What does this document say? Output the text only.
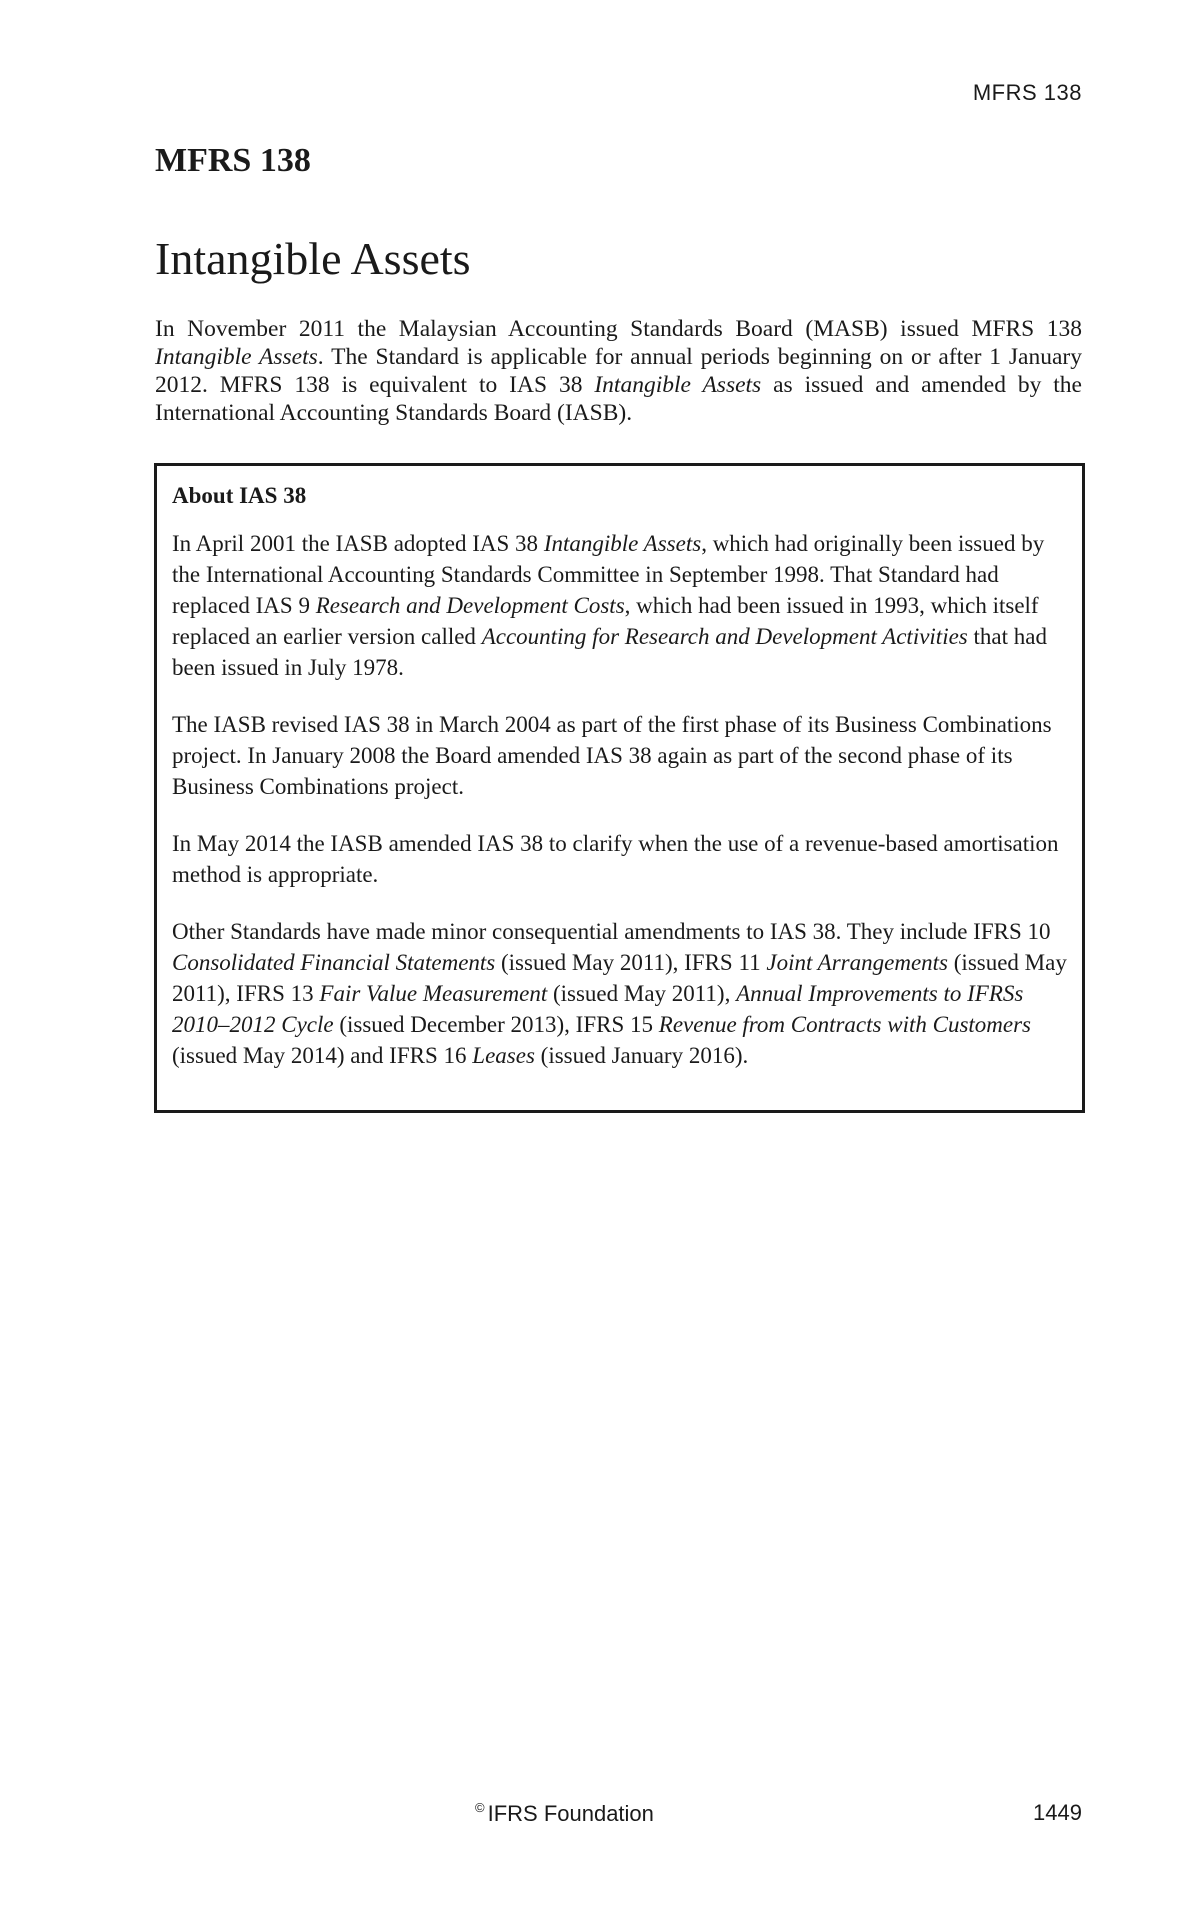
MFRS 138
MFRS 138
Intangible Assets

In November 2011 the Malaysian Accounting Standards Board (MASB) issued MFRS 138 Intangible Assets. The Standard is applicable for annual periods beginning on or after 1 January 2012. MFRS 138 is equivalent to IAS 38 Intangible Assets as issued and amended by the International Accounting Standards Board (IASB).

About IAS 38

In April 2001 the IASB adopted IAS 38 Intangible Assets, which had originally been issued by the International Accounting Standards Committee in September 1998. That Standard had replaced IAS 9 Research and Development Costs, which had been issued in 1993, which itself replaced an earlier version called Accounting for Research and Development Activities that had been issued in July 1978.

The IASB revised IAS 38 in March 2004 as part of the first phase of its Business Combinations project. In January 2008 the Board amended IAS 38 again as part of the second phase of its Business Combinations project.

In May 2014 the IASB amended IAS 38 to clarify when the use of a revenue-based amortisation method is appropriate.

Other Standards have made minor consequential amendments to IAS 38. They include IFRS 10 Consolidated Financial Statements (issued May 2011), IFRS 11 Joint Arrangements (issued May 2011), IFRS 13 Fair Value Measurement (issued May 2011), Annual Improvements to IFRSs 2010–2012 Cycle (issued December 2013), IFRS 15 Revenue from Contracts with Customers (issued May 2014) and IFRS 16 Leases (issued January 2016).

© IFRS Foundation	1449
